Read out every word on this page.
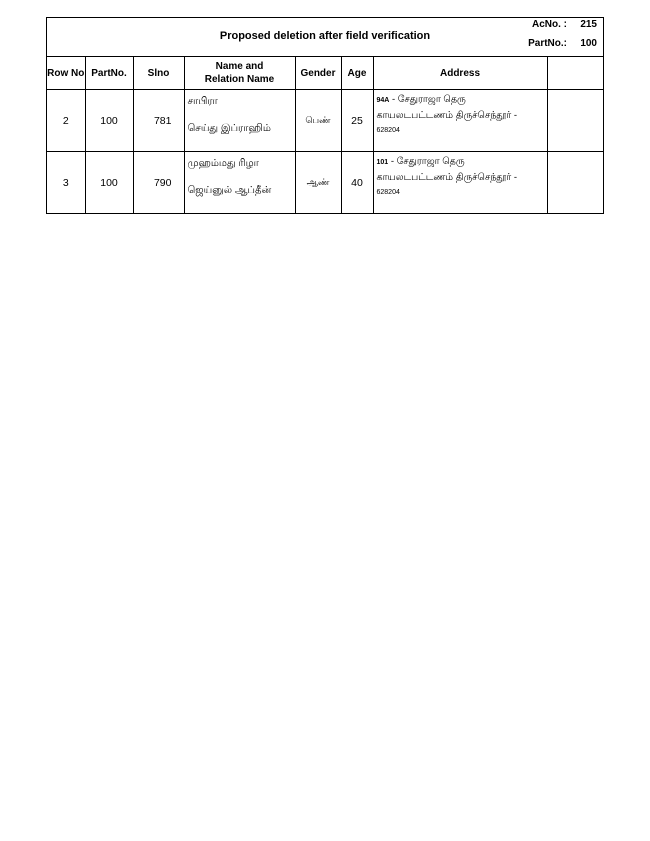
Proposed deletion after field verification
AcNo. : 215
PartNo.: 100
Row No	PartNo.	Slno	Name and
Relation Name	Gender	Age	Address	
2	100	781	சாபிரா
செய்து இப்ராஹிம்	பெண்	25	94A - சேதுராஜா தெரு
காயலடபட்டணம் திருச்செந்தூர் -
628204	

3	100	790	முஹம்மது ரிழா
ஜெய்னுல் ஆப்தீன்	ஆண்	40	101 - சேதுராஜா தெரு
காயலடபட்டணம் திருச்செந்தூர் -
628204	
